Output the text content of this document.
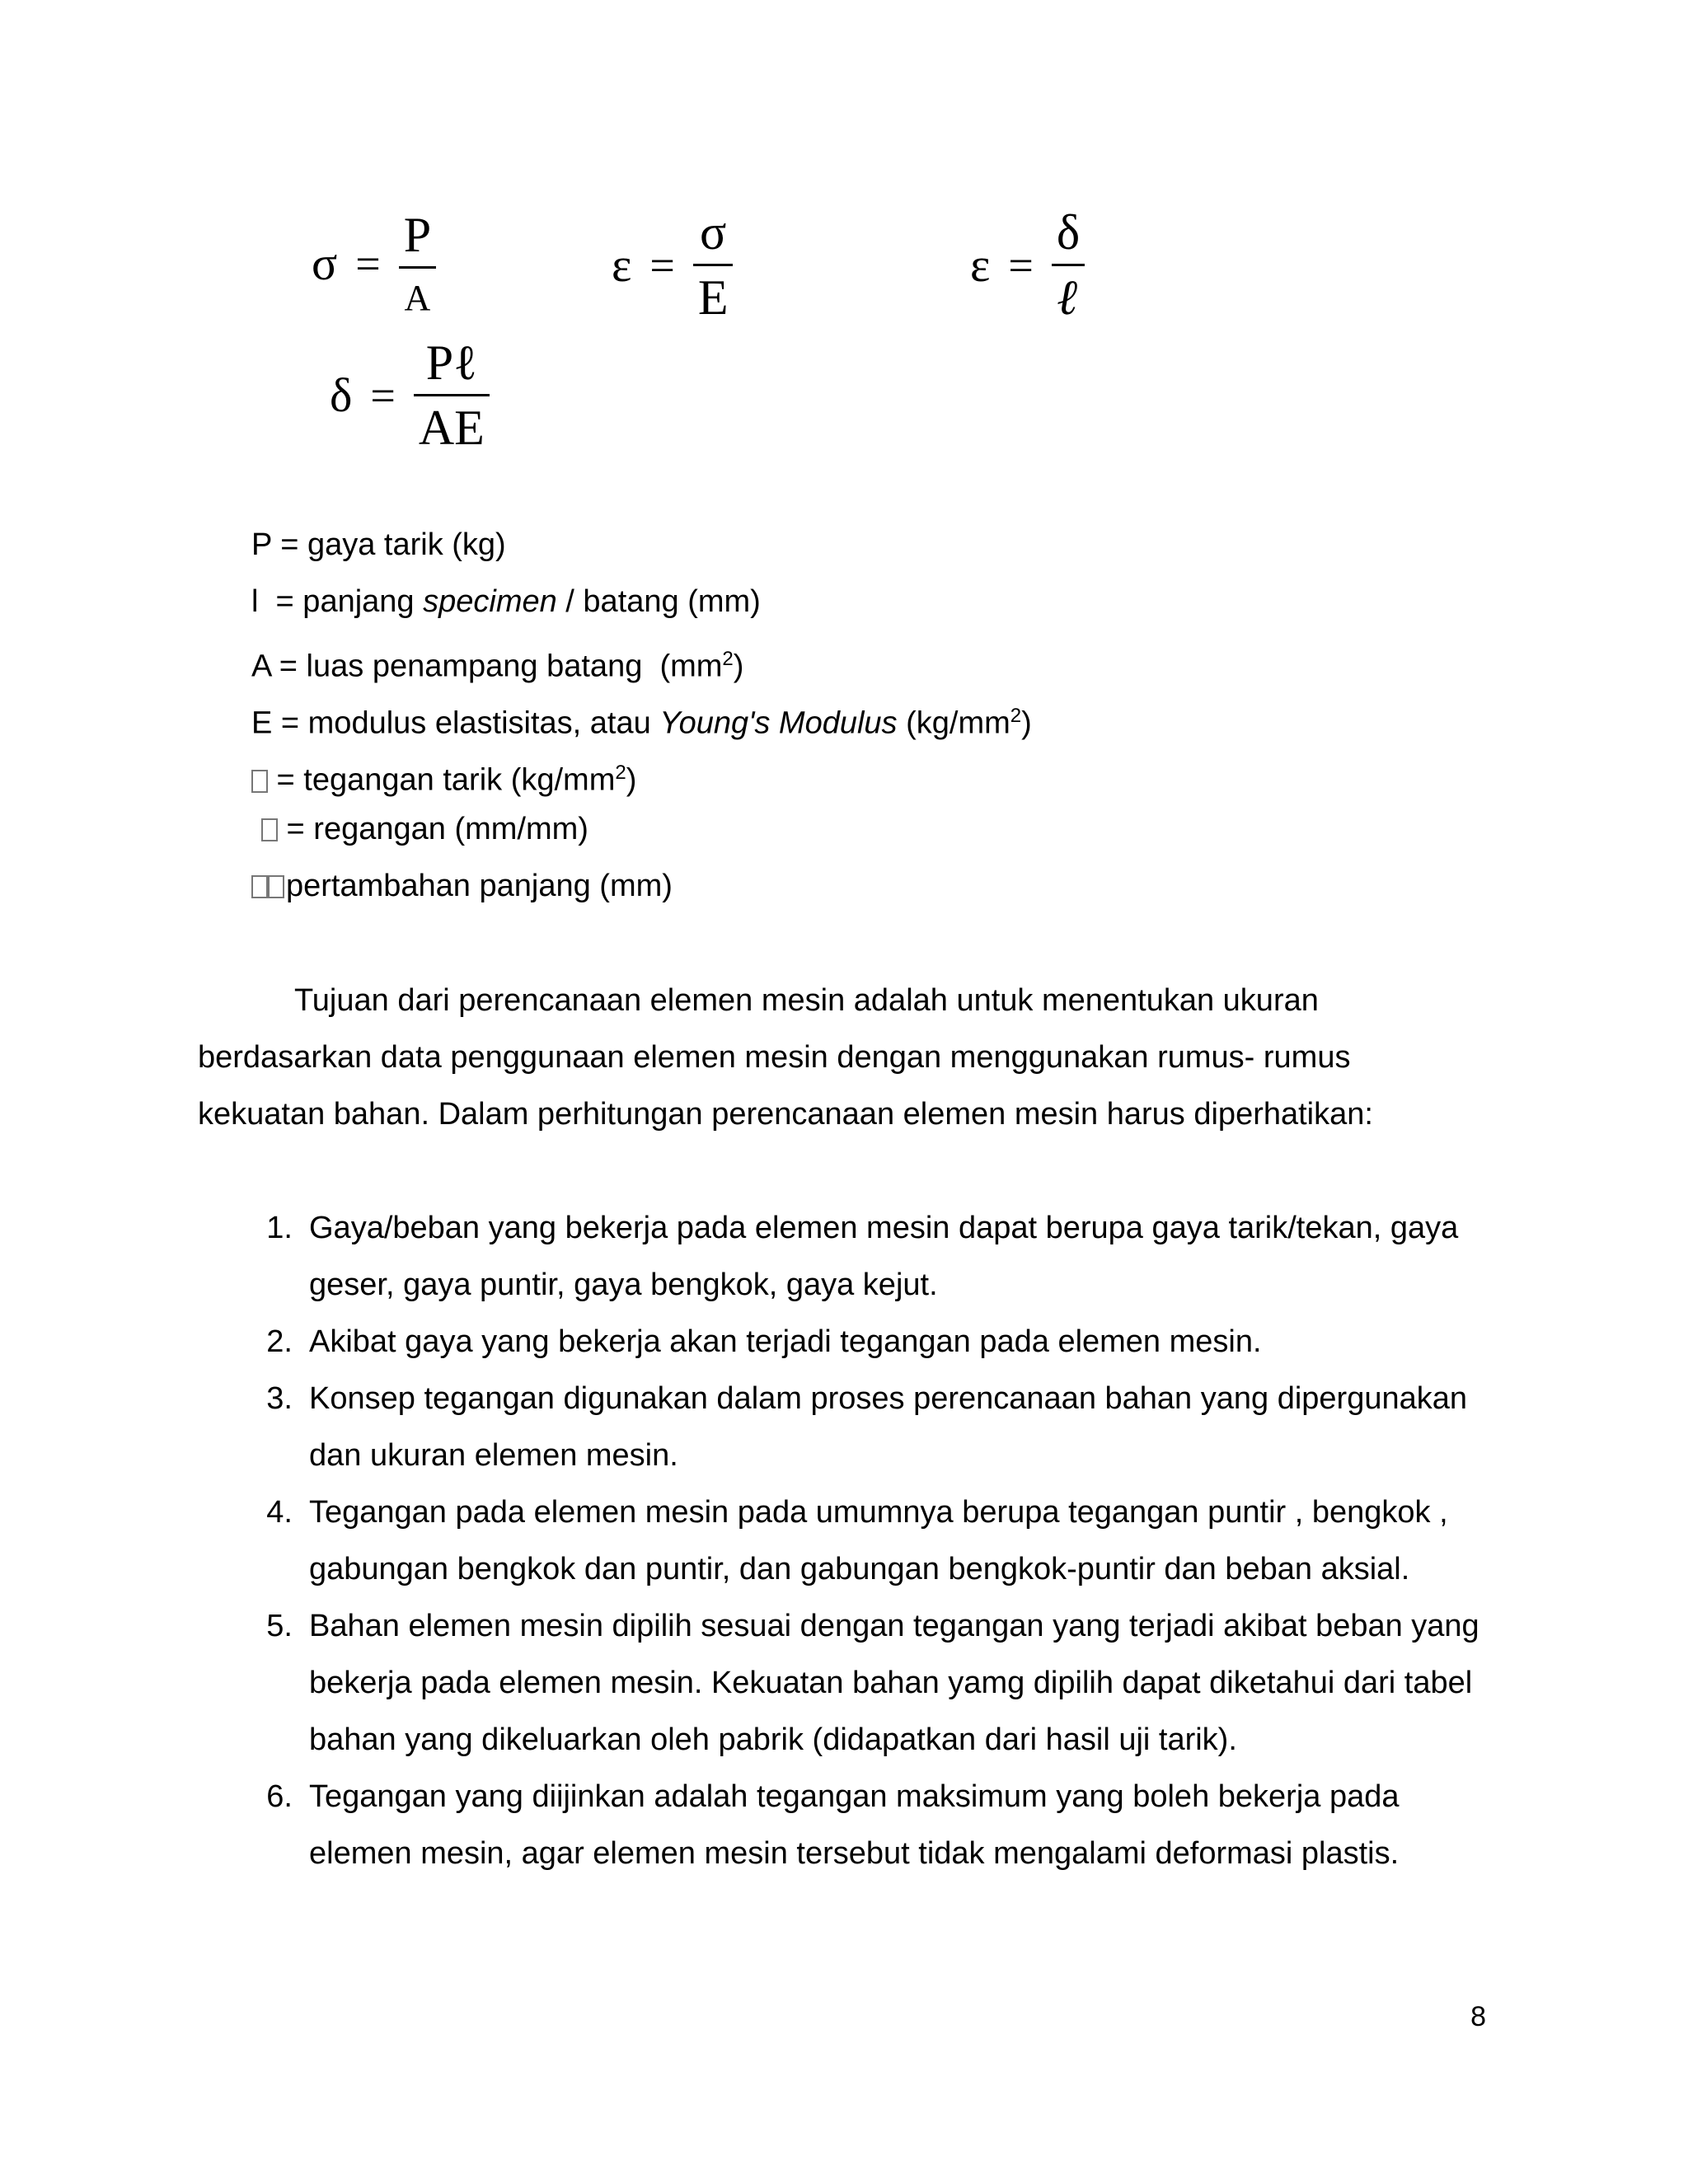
$\sigma = \frac{P}{A}$	$\varepsilon = \frac{\sigma}{E}$	$\varepsilon = \frac{\delta}{\text{ℓ}}$
$\delta = \frac{\text{Pℓ}}{AE}$
P = gaya tarik (kg)
l  = panjang specimen / batang (mm)
A = luas penampang batang  $(mm^2)$
E = modulus elastisitas, atau Young's Modulus $(kg/mm^2)$
= tegangan tarik $(kg/mm^2)$
= regangan (mm/mm)
pertambahan panjang (mm)

Tujuan dari perencanaan elemen mesin adalah untuk menentukan ukuran berdasarkan data penggunaan elemen mesin dengan menggunakan rumus- rumus kekuatan bahan. Dalam perhitungan perencanaan elemen mesin harus diperhatikan:

1. Gaya/beban yang bekerja pada elemen mesin dapat berupa gaya tarik/tekan, gaya geser, gaya puntir, gaya bengkok, gaya kejut.
2. Akibat gaya yang bekerja akan terjadi tegangan pada elemen mesin.
3. Konsep tegangan digunakan dalam proses perencanaan bahan yang dipergunakan dan ukuran elemen mesin.
4. Tegangan pada elemen mesin pada umumnya berupa tegangan puntir , bengkok , gabungan bengkok dan puntir, dan gabungan bengkok-puntir dan beban aksial.
5. Bahan elemen mesin dipilih sesuai dengan tegangan yang terjadi akibat beban yang bekerja pada elemen mesin. Kekuatan bahan yamg dipilih dapat diketahui dari tabel bahan yang dikeluarkan oleh pabrik (didapatkan dari hasil uji tarik).
6. Tegangan yang diijinkan adalah tegangan maksimum yang boleh bekerja pada elemen mesin, agar elemen mesin tersebut tidak mengalami deformasi plastis.
8
